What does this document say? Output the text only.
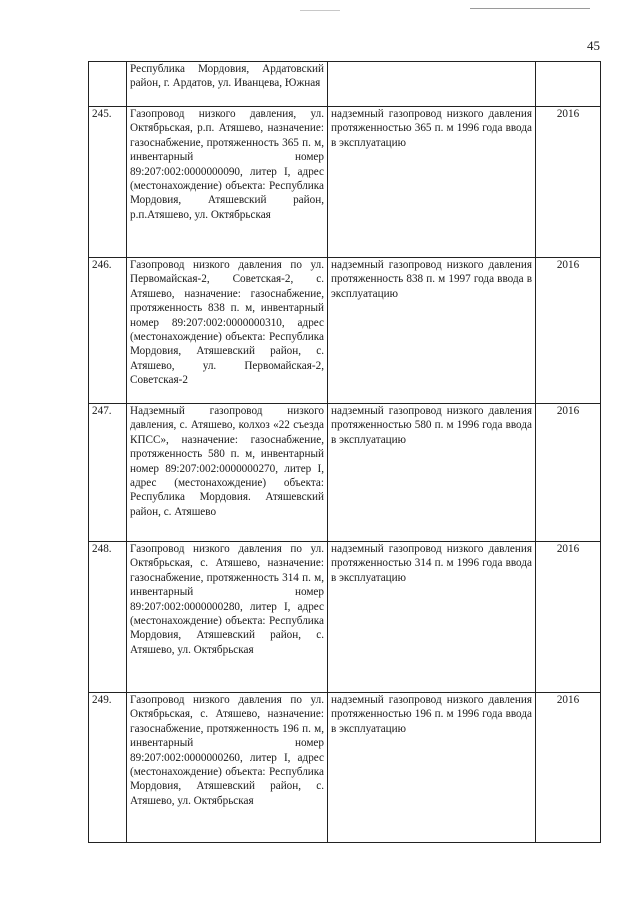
45
	Республика Мордовия, Ардатовский район, г. Ардатов, ул. Иванцева, Южная		
245.	Газопровод низкого давления, ул. Октябрьская, р.п. Атяшево, назначение: газоснабжение, протяженность 365 п. м, инвентарный номер 89:207:002:0000000090, литер I, адрес (местонахождение) объекта: Республика Мордовия, Атяшевский район, р.п.Атяшево, ул. Октябрьская	надземный газопровод низкого давления протяженностью 365 п. м 1996 года ввода в эксплуатацию	2016
246.	Газопровод низкого давления по ул. Первомайская-2, Советская-2, с. Атяшево, назначение: газоснабжение, протяженность 838 п. м, инвентарный номер 89:207:002:0000000310, адрес (местонахождение) объекта: Республика Мордовия, Атяшевский район, с. Атяшево, ул. Первомайская-2, Советская-2	надземный газопровод низкого давления протяженность 838 п. м 1997 года ввода в эксплуатацию	2016
247.	Надземный газопровод низкого давления, с. Атяшево, колхоз «22 съезда КПСС», назначение: газоснабжение, протяженность 580 п. м, инвентарный номер 89:207:002:0000000270, литер I, адрес (местонахождение) объекта: Республика Мордовия. Атяшевский район, с. Атяшево	надземный газопровод низкого давления протяженностью 580 п. м 1996 года ввода в эксплуатацию	2016
248.	Газопровод низкого давления по ул. Октябрьская, с. Атяшево, назначение: газоснабжение, протяженность 314 п. м, инвентарный номер 89:207:002:0000000280, литер I, адрес (местонахождение) объекта: Республика Мордовия, Атяшевский район, с. Атяшево, ул. Октябрьская	надземный газопровод низкого давления протяженностью 314 п. м 1996 года ввода в эксплуатацию	2016
249.	Газопровод низкого давления по ул. Октябрьская, с. Атяшево, назначение: газоснабжение, протяженность 196 п. м, инвентарный номер 89:207:002:0000000260, литер I, адрес (местонахождение) объекта: Республика Мордовия, Атяшевский район, с. Атяшево, ул. Октябрьская	надземный газопровод низкого давления протяженностью 196 п. м 1996 года ввода в эксплуатацию	2016
